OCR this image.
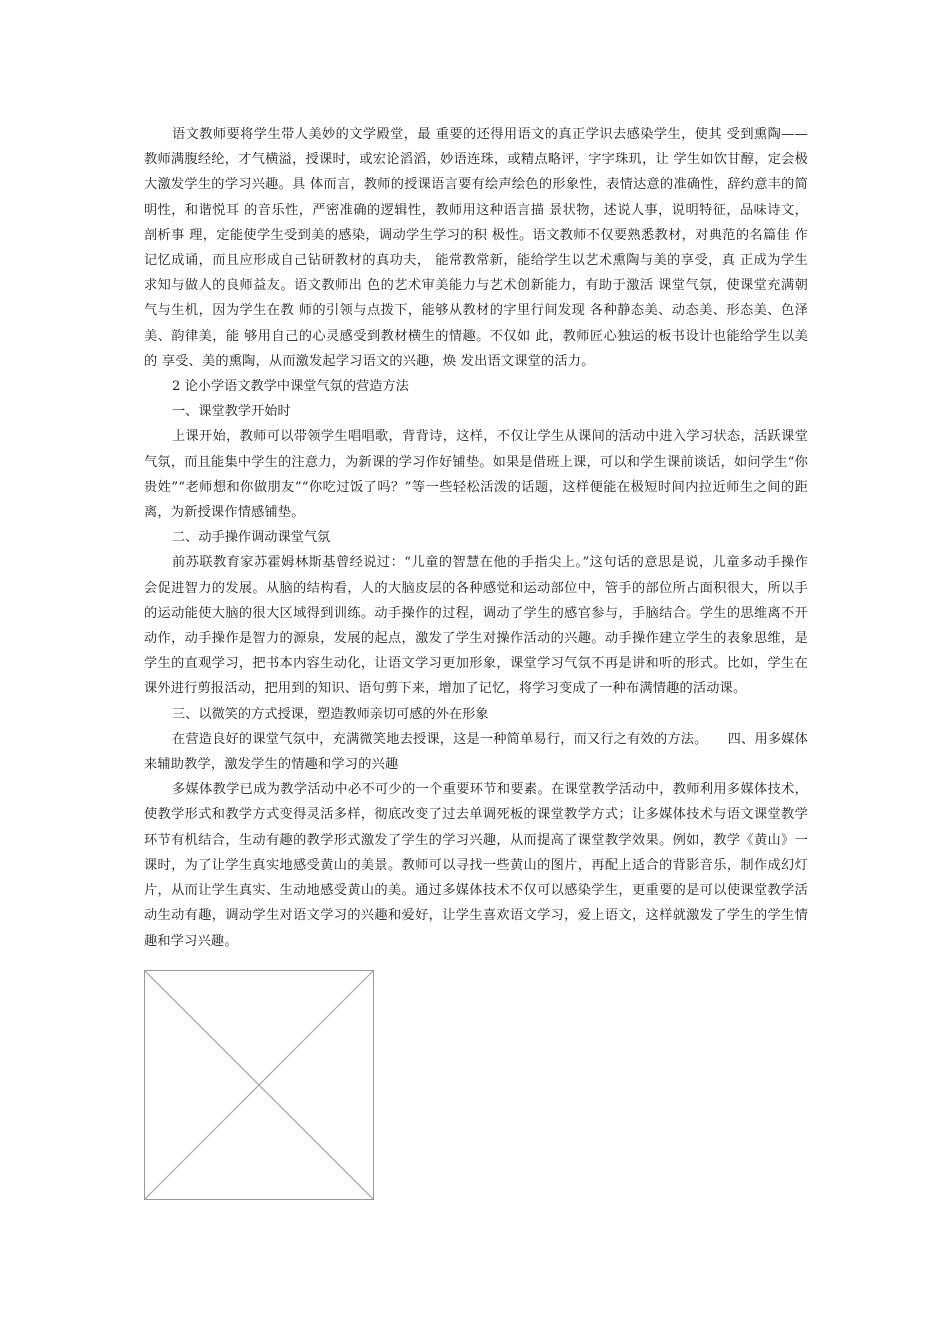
语文教师要将学生带人美妙的文学殿堂，最 重要的还得用语文的真正学识去感染学生，使其 受到熏陶——教师满腹经纶，才气横溢，授课时，或宏论滔滔，妙语连珠，或精点略评，字字珠玑，让 学生如饮甘醇，定会极大激发学生的学习兴趣。具 体而言，教师的授课语言要有绘声绘色的形象性，表情达意的准确性，辞约意丰的简明性，和谐悦耳 的音乐性，严密准确的逻辑性，教师用这种语言描 景状物，述说人事，说明特征，品味诗文，剖析事 理，定能使学生受到美的感染，调动学生学习的积 极性。语文教师不仅要熟悉教材，对典范的名篇佳 作记忆成诵，而且应形成自己钻研教材的真功夫， 能常教常新，能给学生以艺术熏陶与美的享受，真 正成为学生求知与做人的良师益友。语文教师出 色的艺术审美能力与艺术创新能力，有助于激活 课堂气氛，使课堂充满朝气与生机，因为学生在教 师的引领与点拨下，能够从教材的字里行间发现 各种静态美、动态美、形态美、色泽美、韵律美，能 够用自己的心灵感受到教材横生的情趣。不仅如 此，教师匠心独运的板书设计也能给学生以美的 享受、美的熏陶，从而激发起学习语文的兴趣，焕 发出语文课堂的活力。

2 论小学语文教学中课堂气氛的营造方法

一、课堂教学开始时

上课开始，教师可以带领学生唱唱歌，背背诗，这样，不仅让学生从课间的活动中进入学习状态，活跃课堂气氛，而且能集中学生的注意力，为新课的学习作好铺垫。如果是借班上课，可以和学生课前谈话，如问学生“你贵姓”“老师想和你做朋友”“你吃过饭了吗？”等一些轻松活泼的话题，这样便能在极短时间内拉近师生之间的距离，为新授课作情感铺垫。

二、动手操作调动课堂气氛

前苏联教育家苏霍姆林斯基曾经说过：“儿童的智慧在他的手指尖上。”这句话的意思是说，儿童多动手操作会促进智力的发展。从脑的结构看，人的大脑皮层的各种感觉和运动部位中，管手的部位所占面积很大，所以手的运动能使大脑的很大区域得到训练。动手操作的过程，调动了学生的感官参与，手脑结合。学生的思维离不开动作，动手操作是智力的源泉，发展的起点，激发了学生对操作活动的兴趣。动手操作建立学生的表象思维，是学生的直观学习，把书本内容生动化，让语文学习更加形象，课堂学习气氛不再是讲和听的形式。比如，学生在课外进行剪报活动，把用到的知识、语句剪下来，增加了记忆，将学习变成了一种布满情趣的活动课。

三、以微笑的方式授课，塑造教师亲切可感的外在形象

在营造良好的课堂气氛中，充满微笑地去授课，这是一种简单易行，而又行之有效的方法。　　四、用多媒体来辅助教学，激发学生的情趣和学习的兴趣

多媒体教学已成为教学活动中必不可少的一个重要环节和要素。在课堂教学活动中，教师利用多媒体技术，使教学形式和教学方式变得灵活多样，彻底改变了过去单调死板的课堂教学方式；让多媒体技术与语文课堂教学环节有机结合，生动有趣的教学形式激发了学生的学习兴趣，从而提高了课堂教学效果。例如，教学《黄山》一课时，为了让学生真实地感受黄山的美景。教师可以寻找一些黄山的图片，再配上适合的背影音乐，制作成幻灯片，从而让学生真实、生动地感受黄山的美。通过多媒体技术不仅可以感染学生，更重要的是可以使课堂教学活动生动有趣，调动学生对语文学习的兴趣和爱好，让学生喜欢语文学习，爱上语文，这样就激发了学生的学生情趣和学习兴趣。
